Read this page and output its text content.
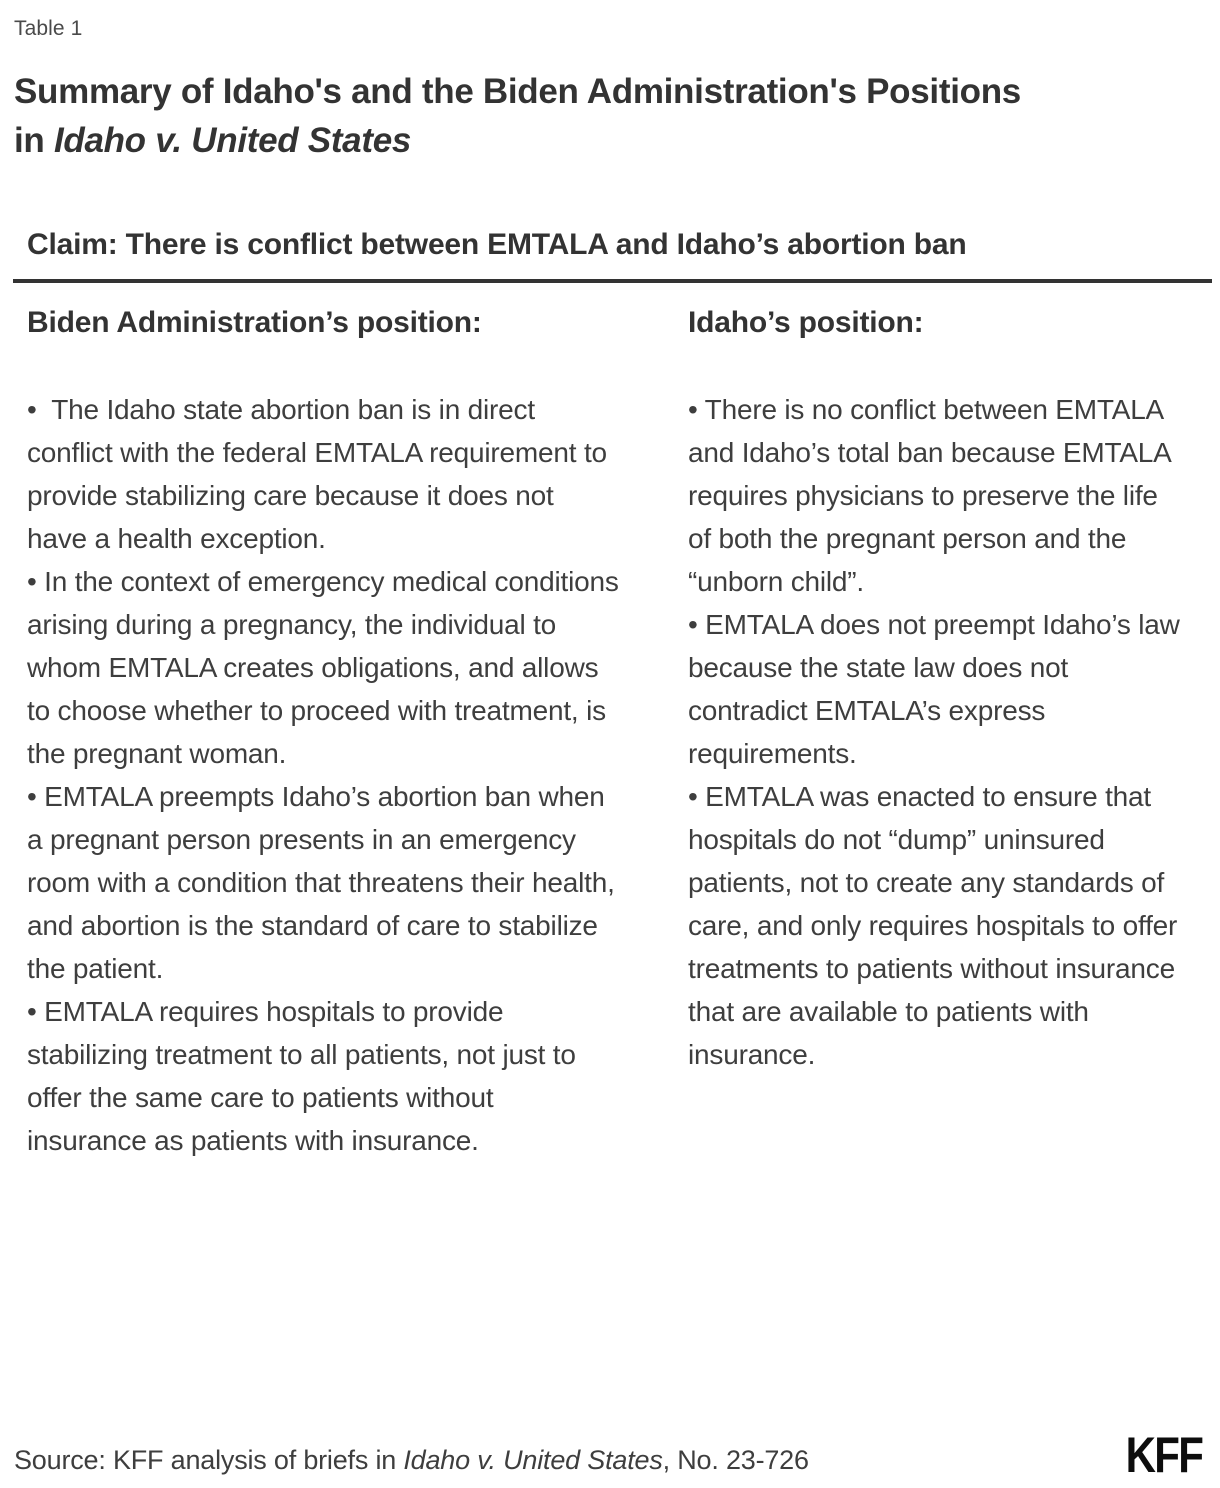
Table 1
Summary of Idaho's and the Biden Administration's Positions
in Idaho v. United States
Claim: There is conflict between EMTALA and Idaho’s abortion ban
Biden Administration’s position:

•  The Idaho state abortion ban is in direct conflict with the federal EMTALA requirement to provide stabilizing care because it does not have a health exception.

• In the context of emergency medical conditions arising during a pregnancy, the individual to whom EMTALA creates obligations, and allows to choose whether to proceed with treatment, is the pregnant woman.

• EMTALA preempts Idaho’s abortion ban when a pregnant person presents in an emergency room with a condition that threatens their health, and abortion is the standard of care to stabilize the patient.

• EMTALA requires hospitals to provide stabilizing treatment to all patients, not just to offer the same care to patients without insurance as patients with insurance.

Idaho’s position:

• There is no conflict between EMTALA and Idaho’s total ban because EMTALA requires physicians to preserve the life of both the pregnant person and the “unborn child”.

• EMTALA does not preempt Idaho’s law because the state law does not contradict EMTALA’s express requirements.

• EMTALA was enacted to ensure that hospitals do not “dump” uninsured patients, not to create any standards of care, and only requires hospitals to offer treatments to patients without insurance that are available to patients with insurance.

Source: KFF analysis of briefs in Idaho v. United States, No. 23-726	KFF
